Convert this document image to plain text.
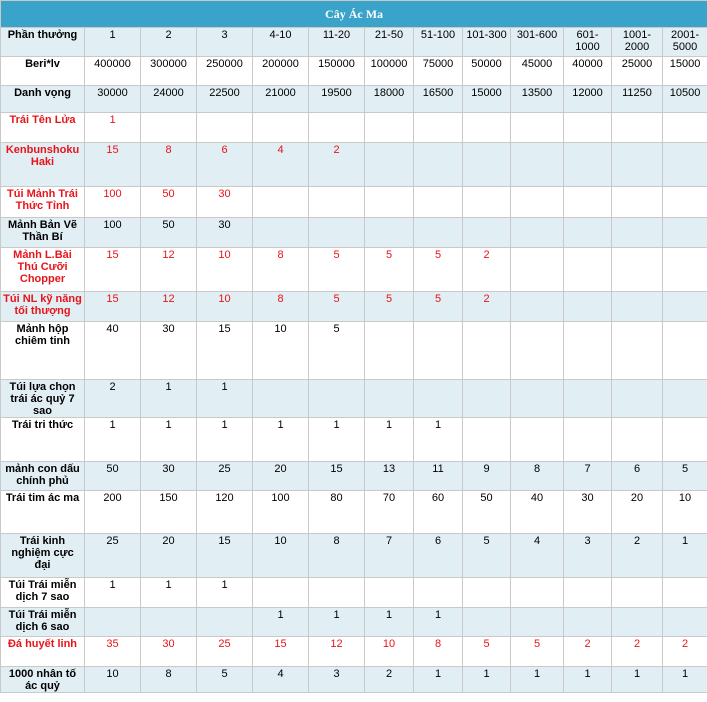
Cây Ác Ma												
Phần thưởng	1	2	3	4-10	11-20	21-50	51-100	101-300	301-600	601-1000	1001-2000	2001-5000
Beri*lv	400000	300000	250000	200000	150000	100000	75000	50000	45000	40000	25000	15000
Danh vọng	30000	24000	22500	21000	19500	18000	16500	15000	13500	12000	11250	10500
Trái Tên Lửa	1											
Kenbunshoku Haki	15	8	6	4	2							
Túi Mảnh Trái Thức Tỉnh	100	50	30									
Mảnh Bản Vẽ Thần Bí	100	50	30									
Mảnh L.Bài Thú Cưỡi Chopper	15	12	10	8	5	5	5	2				
Túi NL kỹ năng tối thượng	15	12	10	8	5	5	5	2				
Mảnh hộp chiêm tinh	40	30	15	10	5							
Túi lựa chọn trái ác quỷ 7 sao	2	1	1									
Trái tri thức	1	1	1	1	1	1	1					
mảnh con dấu chính phủ	50	30	25	20	15	13	11	9	8	7	6	5
Trái tim ác ma	200	150	120	100	80	70	60	50	40	30	20	10
Trái kinh nghiệm cực đại	25	20	15	10	8	7	6	5	4	3	2	1
Túi Trái miễn dịch 7 sao	1	1	1									
Túi Trái miễn dịch 6 sao				1	1	1	1					
Đá huyết linh	35	30	25	15	12	10	8	5	5	2	2	2
1000 nhân tố ác quỷ	10	8	5	4	3	2	1	1	1	1	1	1
